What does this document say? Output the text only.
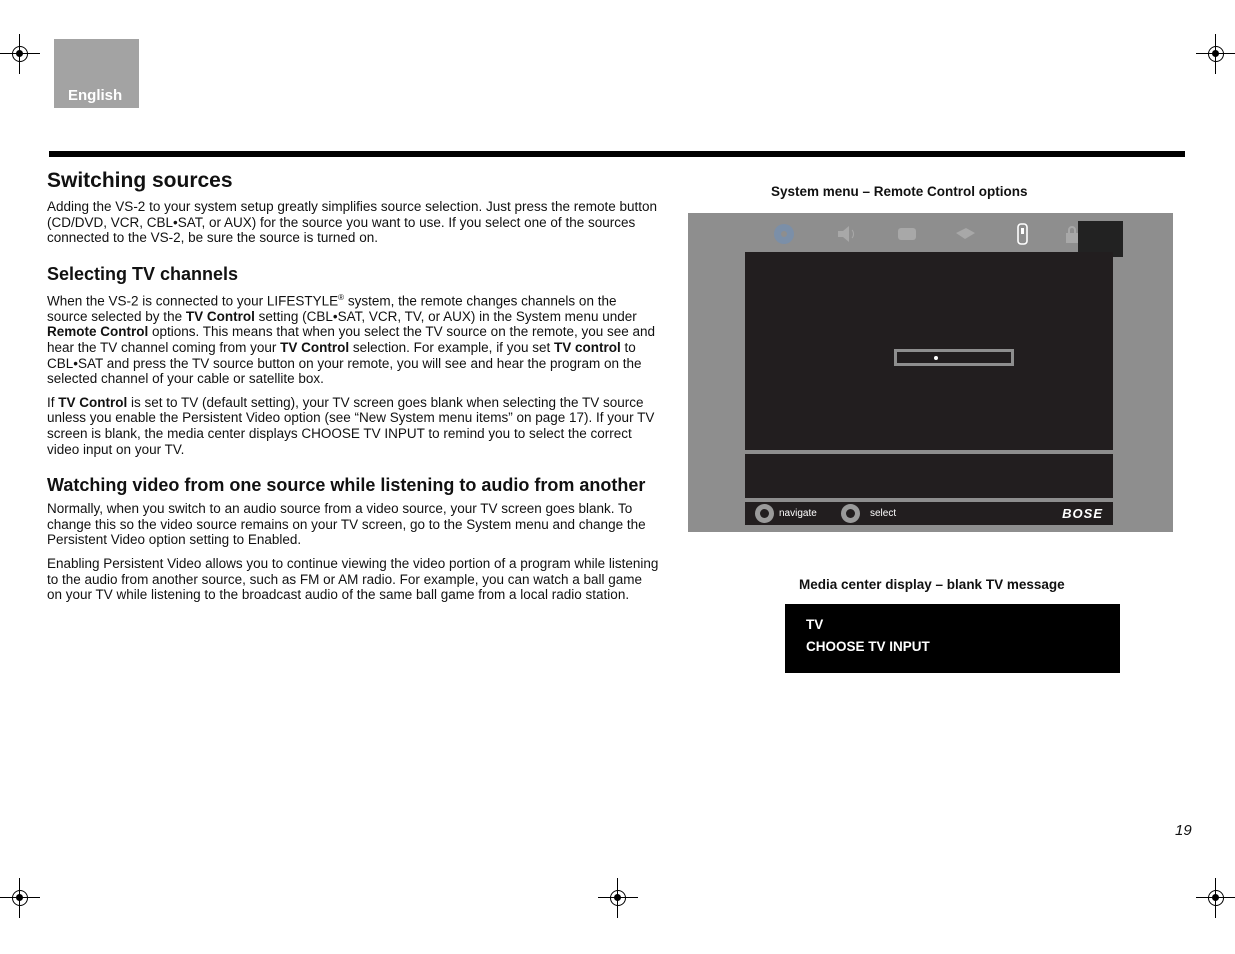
English
Switching sources

Adding the VS-2 to your system setup greatly simplifies source selection. Just press the remote button (CD/DVD, VCR, CBL•SAT, or AUX) for the source you want to use. If you select one of the sources connected to the VS-2, be sure the source is turned on.

Selecting TV channels

When the VS-2 is connected to your LIFESTYLE® system, the remote changes channels on the source selected by the TV Control setting (CBL•SAT, VCR, TV, or AUX) in the System menu under Remote Control options. This means that when you select the TV source on the remote, you see and hear the TV channel coming from your TV Control selection. For example, if you set TV control to CBL•SAT and press the TV source button on your remote, you will see and hear the program on the selected channel of your cable or satellite box.

If TV Control is set to TV (default setting), your TV screen goes blank when selecting the TV source unless you enable the Persistent Video option (see “New System menu items” on page 17). If your TV screen is blank, the media center displays CHOOSE TV INPUT to remind you to select the correct video input on your TV.

Watching video from one source while listening to audio from another

Normally, when you switch to an audio source from a video source, your TV screen goes blank. To change this so the video source remains on your TV screen, go to the System menu and change the Persistent Video option setting to Enabled.

Enabling Persistent Video allows you to continue viewing the video portion of a program while listening to the audio from another source, such as FM or AM radio. For example, you can watch a ball game on your TV while listening to the broadcast audio of the same ball game from a local radio station.

System menu – Remote Control options
navigate	select	BOSE
Media center display – blank TV message
TV
CHOOSE TV INPUT
19
